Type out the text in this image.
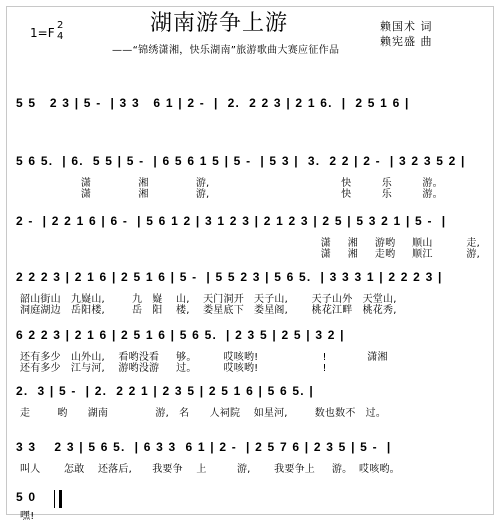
湖南游争上游
1=F
2
4
——“锦绣潇湘，快乐湖南”旅游歌曲大赛应征作品
赖国术 词
赖宪盛 曲
5 5   2 3 | 5 -  | 3 3   6 1 | 2 -  |  2.  2 2 3 | 2 1 6.  |  2 5 1 6 |
5 6 5.  | 6.  5 5 | 5 -  | 6 5 6 1 5 | 5 -  | 5 3 |  3.  2 2 | 2 -  | 3 2 3 5 2 |
潇              湘              游,                                       快         乐         游。
潇              湘              游,                                       快         乐         游。
2 -  | 2 2 1 6 | 6 -  | 5 6 1 2 | 3 1 2 3 | 2 1 2 3 | 2 5 | 5 3 2 1 | 5 -  |
潇     湘     游哟     顺山          走,
潇     湘     走哟     顺江          游,
2 2 2 3 | 2 1 6 | 2 5 1 6 | 5 -  | 5 5 2 3 | 5 6 5.  | 3 3 3 1 | 2 2 2 3 |
韶山街山   九嶷山,        九   嶷    山,    天门洞开   天子山,       天子山外   天堂山,
洞庭湖边   岳阳楼,        岳   阳    楼,    娄星底下   娄星阁,       桃花江畔   桃花秀,
6 2 2 3 | 2 1 6 | 2 5 1 6 | 5 6 5.  | 2 3 5 | 2 5 | 3 2 |
还有多少   山外山,    看哟没看     够。        哎咳哟!                   !            潇湘
还有多少   江与河,    游哟没游     过。        哎咳哟!                   !
2.  3 | 5 -  | 2.  2 2 1 | 2 3 5 | 2 5 1 6 | 5 6 5. |
走        哟      湖南              游,   名      人祠院    如星河,        数也数不   过。
3 3    2 3 | 5 6 5.  | 6 3 3  6 1 | 2 -  | 2 5 7 6 | 2 3 5 | 5 -  |
叫人       怎敢    还落后,      我要争    上         游,       我要争上     游。  哎咳哟。
5 0
嘿!
